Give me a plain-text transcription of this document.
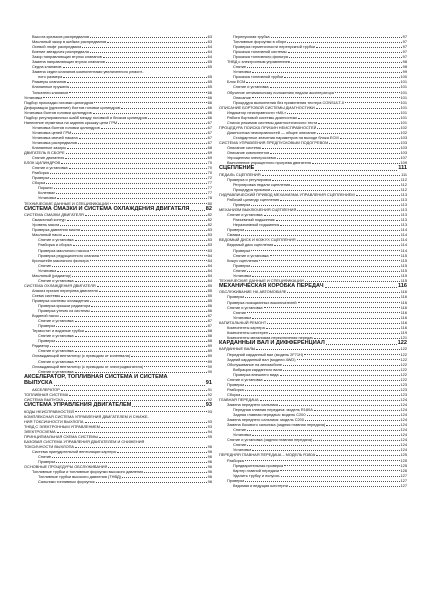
Высота кулачков распредвалов	63
Масляный зазор в шейках распредвалов	63
Осевой люфт распредвала	64
Биение звездочек распредвала	64
Зазор направляющих втулок клапанов	64
Замена направляющих втулок клапанов	65
Седла клапанов	65
Замена седел клапанов компонентами увеличенного ремонт-
ного размера	65
Размеры клапанов	65
Клапанные пружины	65
Толкатели клапанов	66
Установка	66
Подбор прокладки головки цилиндров	66
Деформация (удлинение) болтов головки цилиндров	66
Установка болтов головки цилиндров	66
Подбор регулировочных шайб между головкой и блоком цилиндров	66
Нанесение герметика на заднюю крышку цепи ГРМ	67
Установка болтов головки цилиндров	67
Установка цепей ГРМ	67
Установка свечей накала	67
Установка распредвалов	67
Клапанные зазоры	68
ДВИГАТЕЛЬ В СБОРЕ	69
Снятие двигателя	69
БЛОК ЦИЛИНДРОВ	70
Снятие и установка	70
Разборка	70
Проверка	72
Сборка	77
Поршни	77
Коленвал	77
Установка	78
ТЕХНИЧЕСКИЕ ДАННЫЕ И СПЕЦИФИКАЦИИ	80
СИСТЕМА СМАЗКИ И СИСТЕМА ОХЛАЖДЕНИЯ ДВИГАТЕЛЯ	82
СИСТЕМА СМАЗКИ ДВИГАТЕЛЯ	82
Смазочный контур	82
Уровень масла	82
Проверка давления масла	83
Масляный насос	83
Снятие и установка	83
Разборка и сборка	83
Проверка масляного насоса	83
Проверка редукционного клапана	84
Кронштейн масляного фильтра	84
Снятие	84
Установка	84
Масляный (радиатор)	84
Снятие и установка	84
СИСТЕМА ОХЛАЖДЕНИЯ ДВИГАТЕЛЯ	85
Анализ причин перегрева двигателя	85
Схема системы	85
Проверка системы охлаждения	85
Проверка крышки радиатора	86
Проверка утечек из системы	86
Водяной насос	87
Снятие и установка	87
Проверка	87
Термостат и водяные трубки	88
Снятие и установка	88
Проверка	88
Радиатор	89
Снятие и установка	89
Охлаждающий вентилятор (с приводом от коленвала)	89
Снятие и установка	89
Охлаждающий вентилятор (с приводом от электродвигателя)	90
Снятие и установка	90
АКСЕЛЕРАТОР, ТОПЛИВНАЯ СИСТЕМА И СИСТЕМА
ВЫПУСКА	91
АКСЕЛЕРАТОР	91
ТОПЛИВНАЯ СИСТЕМА	92
СИСТЕМА ВЫПУСКА	92
СИСТЕМА УПРАВЛЕНИЯ ДВИГАТЕЛЕМ	93
КОДЫ НЕИСПРАВНОСТЕЙ	93
КОМПЛЕКСНАЯ СИСТЕМА УПРАВЛЕНИЯ ДВИГАТЕЛЕМ И СНИЖЕ-
НИЯ ТОКСИЧНОСТИ ВЫХЛОПА	93
ТНВД С ЭЛЕКТРОННЫМ УПРАВЛЕНИЕМ	93
ЭЛЕКТРОСХЕМА	94
ПРИНЦИПИАЛЬНАЯ СХЕМА СИСТЕМЫ	95
БАЗОВАЯ СИСТЕМА УПРАВЛЕНИЯ ДВИГАТЕЛЕМ И СНИЖЕНИЯ
ТОКСИЧНОСТИ ВЫХЛОПА	96
Система принудительной вентиляции картера	96
Снятие	96
Проверка	96
ОСНОВНЫЕ ПРОЦЕДУРЫ ОБСЛУЖИВАНИЯ	96
Топливные трубки и топливные форсунки высокого давления	96
Топливные трубки высокого давления (ТНВД)	96
Сальники топливных форсунок	96
Перепускная трубка	97
Топливные форсунки в сборе	97
Проверка герметичности перепускной трубки	97
Прокачка топливной системы	97
Прокачка топливного фильтра	97
ТНВД с электронным управлением	98
Снятие	98
Установка	99
Прокачка топливной трубки	100
Блок ECM	101
Снятие и установка	101
Обучение оптимальному положению педали акселератора	101
Описание	101
Процедура выполнения без применения тестера CONSULT-II	101
ОПИСАНИЕ БОРТОВОЙ СИСТЕМЫ ДИАГНОСТИКИ	101
Индикатор неисправности «MIL»	101
Работа бортовой системы диагностики	101
Список режимов системы диагностического теста	101
ПРОЦЕДУРА ПОИСКА ПРИЧИН НЕИСПРАВНОСТЕЙ	102
Диагностика неисправностей — общее описание	102
Стандартные значения параметров на выходе блока ECM	103
СИСТЕМА УПРАВЛЕНИЯ ПРЕДПУСКОВЫМ ПОДОГРЕВОМ	103
Описание системы	103
Описание компонентов	103
Упрощенная электросхема	107
Выполнение упрощенного прогрева двигателя	109
СЦЕПЛЕНИЕ	111
ПЕДАЛЬ СЦЕПЛЕНИЯ	111
Проверка и регулировка	112
Регулировка педали сцепления	112
Процедура прокачки	112
ГИДРАВЛИЧЕСКИЙ ПРИВОД МЕХАНИЗМА УПРАВЛЕНИЯ СЦЕПЛЕНИЕМ	113
Рабочий цилиндр сцепления	113
Проверка	113
МЕХАНИЗМ ВЫКЛЮЧЕНИЯ СЦЕПЛЕНИЯ	113
Снятие и установка	113
Разъемный подшипник	113
Неразъемный подшипник	113
Проверка	114
Смазка	114
ВЕДОМЫЙ ДИСК И КОЖУХ СЦЕПЛЕНИЯ	114
Ведомый диск сцепления	114
Проверка	114
Снятие и установка	115
Кожух сцепления	115
Проверка	115
Снятие	115
Установка	115
ТЕХНИЧЕСКИЕ ДАННЫЕ И СПЕЦИФИКАЦИИ	115
МЕХАНИЧЕСКАЯ КОРОБКА ПЕРЕДАЧ	116
ОБСЛУЖИВАНИЕ НА АВТОМОБИЛЕ	116
Проверка	116
Проверка позиционных выключателей	116
Снятие и установка	116
Снятие	116
Установка	116
КАПИТАЛЬНЫЙ РЕМОНТ	116
Компоненты картера	116
Компоненты шестерен	119
Компоненты механизма переключения передач	121
КАРДАННЫЙ ВАЛ И ДИФФЕРЕНЦИАЛ	122
КАРДАННЫЕ ВАЛЫ	122
Передний карданный вал (модель 2F71H)	122
Задний карданный вал (модели 4WD)	122
Обслуживание на автомобиле	122
Вибрация карданного вала	122
Проверка внешнего вида	122
Снятие и установка	122
Проверка	123
Разборка	123
Сборка	123
ГЛАВНАЯ ПЕРЕДАЧА	124
Замена переднего сальника	124
Передняя главная передача: модель R180A	124
Задняя главная передача: модель C200	124
Замена переднего сальника: модель C200	124
Замена бокового сальника (задняя главная передача)	124
Снятие	124
Установка	124
Снятие и установка (задняя главная передача)	124
Снятие	124
Установка	124
ПЕРЕДНЯЯ ГЛАВНАЯ ПЕРЕДАЧА – МОДЕЛЬ R180A	125
Разборка	125
Предварительная проверка	125
Картер главной передачи	126
Удалить трубку и полуось	127
Проверка	127
Ведомая и ведущая шестерни	127
